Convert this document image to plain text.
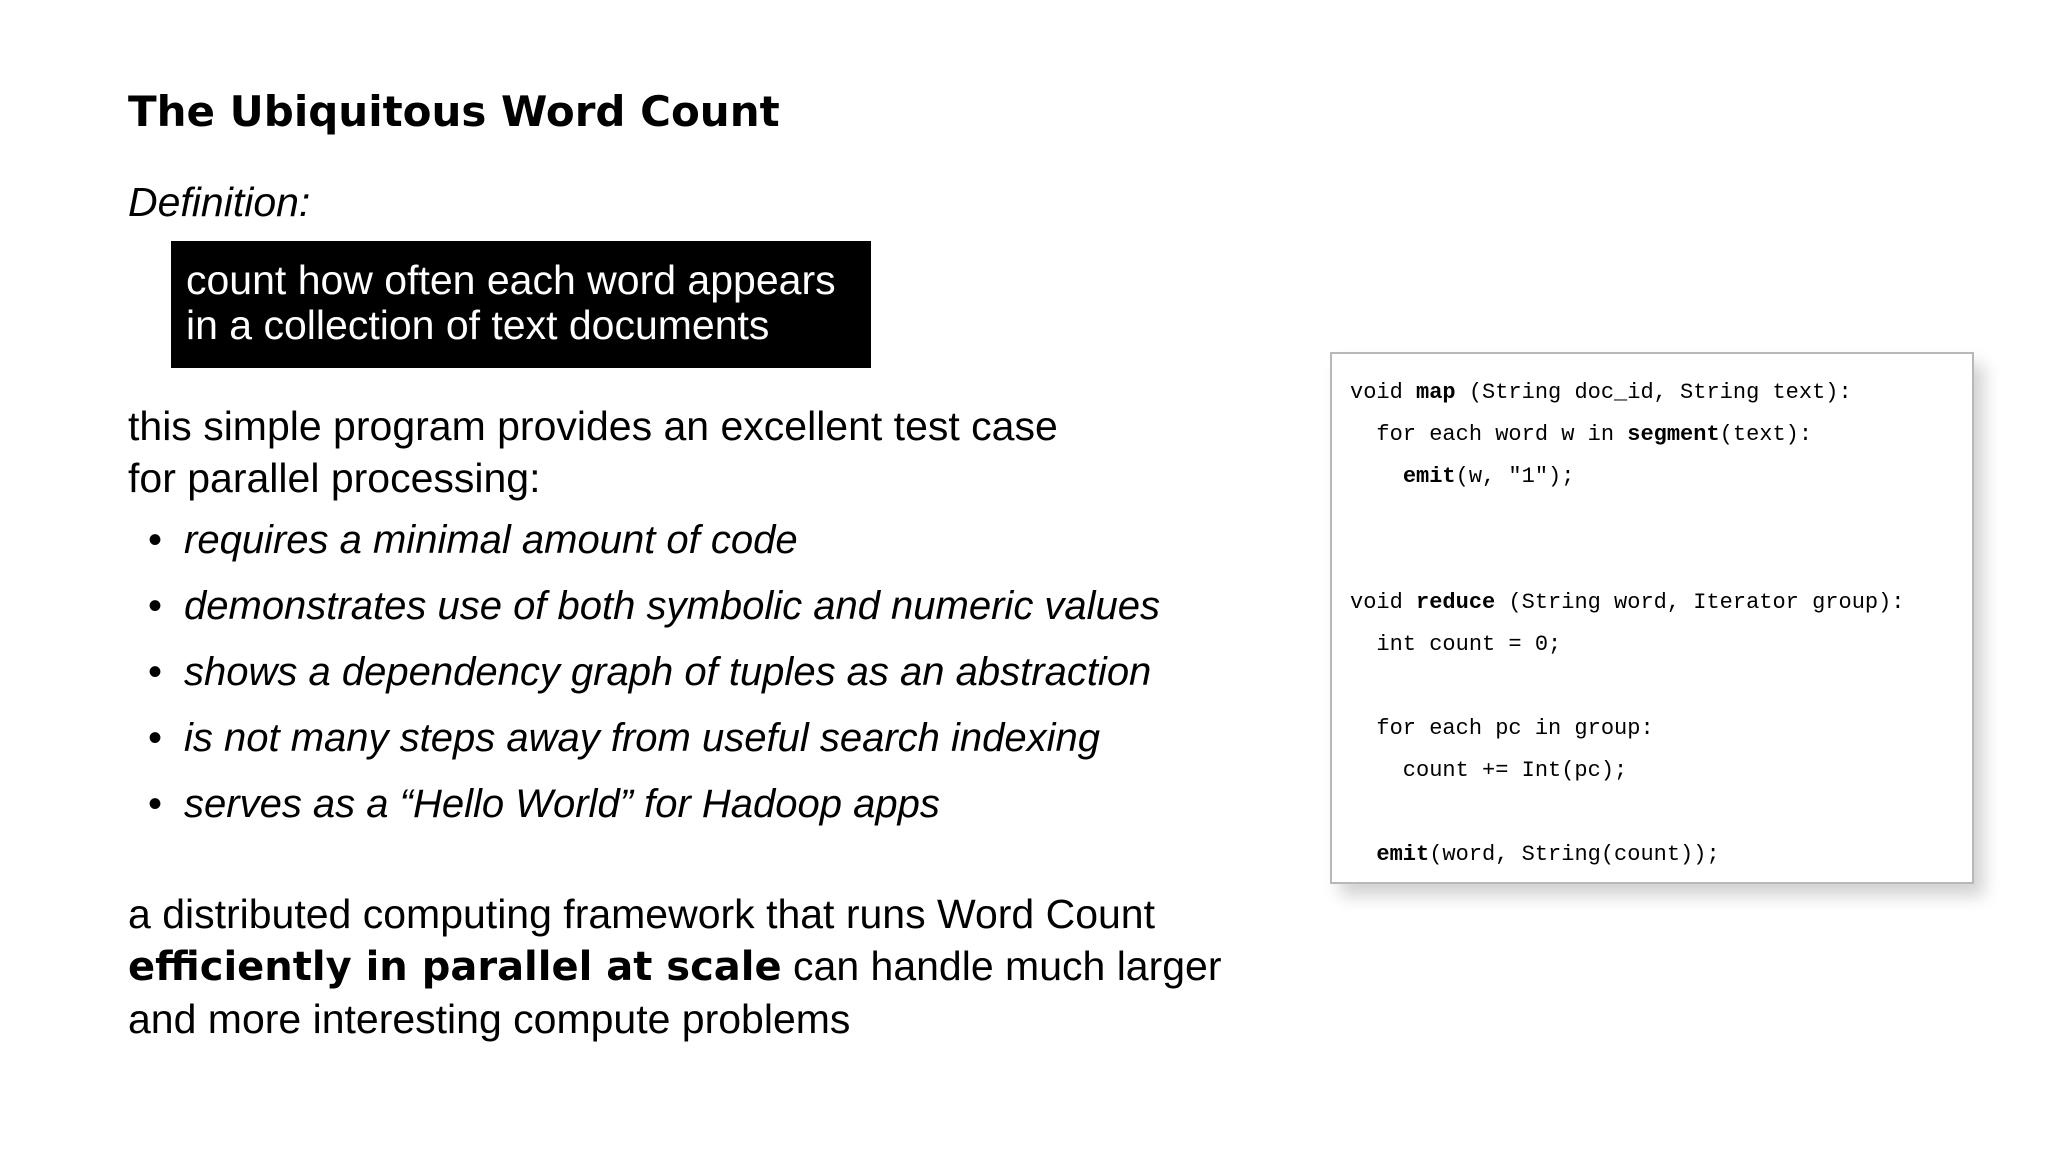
The Ubiquitous Word Count
Definition:
count how often each word appears
in a collection of text documents
this simple program provides an excellent test case
for parallel processing:
• requires a minimal amount of code
• demonstrates use of both symbolic and numeric values
• shows a dependency graph of tuples as an abstraction
• is not many steps away from useful search indexing
• serves as a “Hello World” for Hadoop apps
a distributed computing framework that runs Word Count
efficiently in parallel at scale can handle much larger
and more interesting compute problems
void map (String doc_id, String text):
for each word w in segment(text):
emit(w, "1");
void reduce (String word, Iterator group):
int count = 0;
for each pc in group:
count += Int(pc);
emit(word, String(count));
